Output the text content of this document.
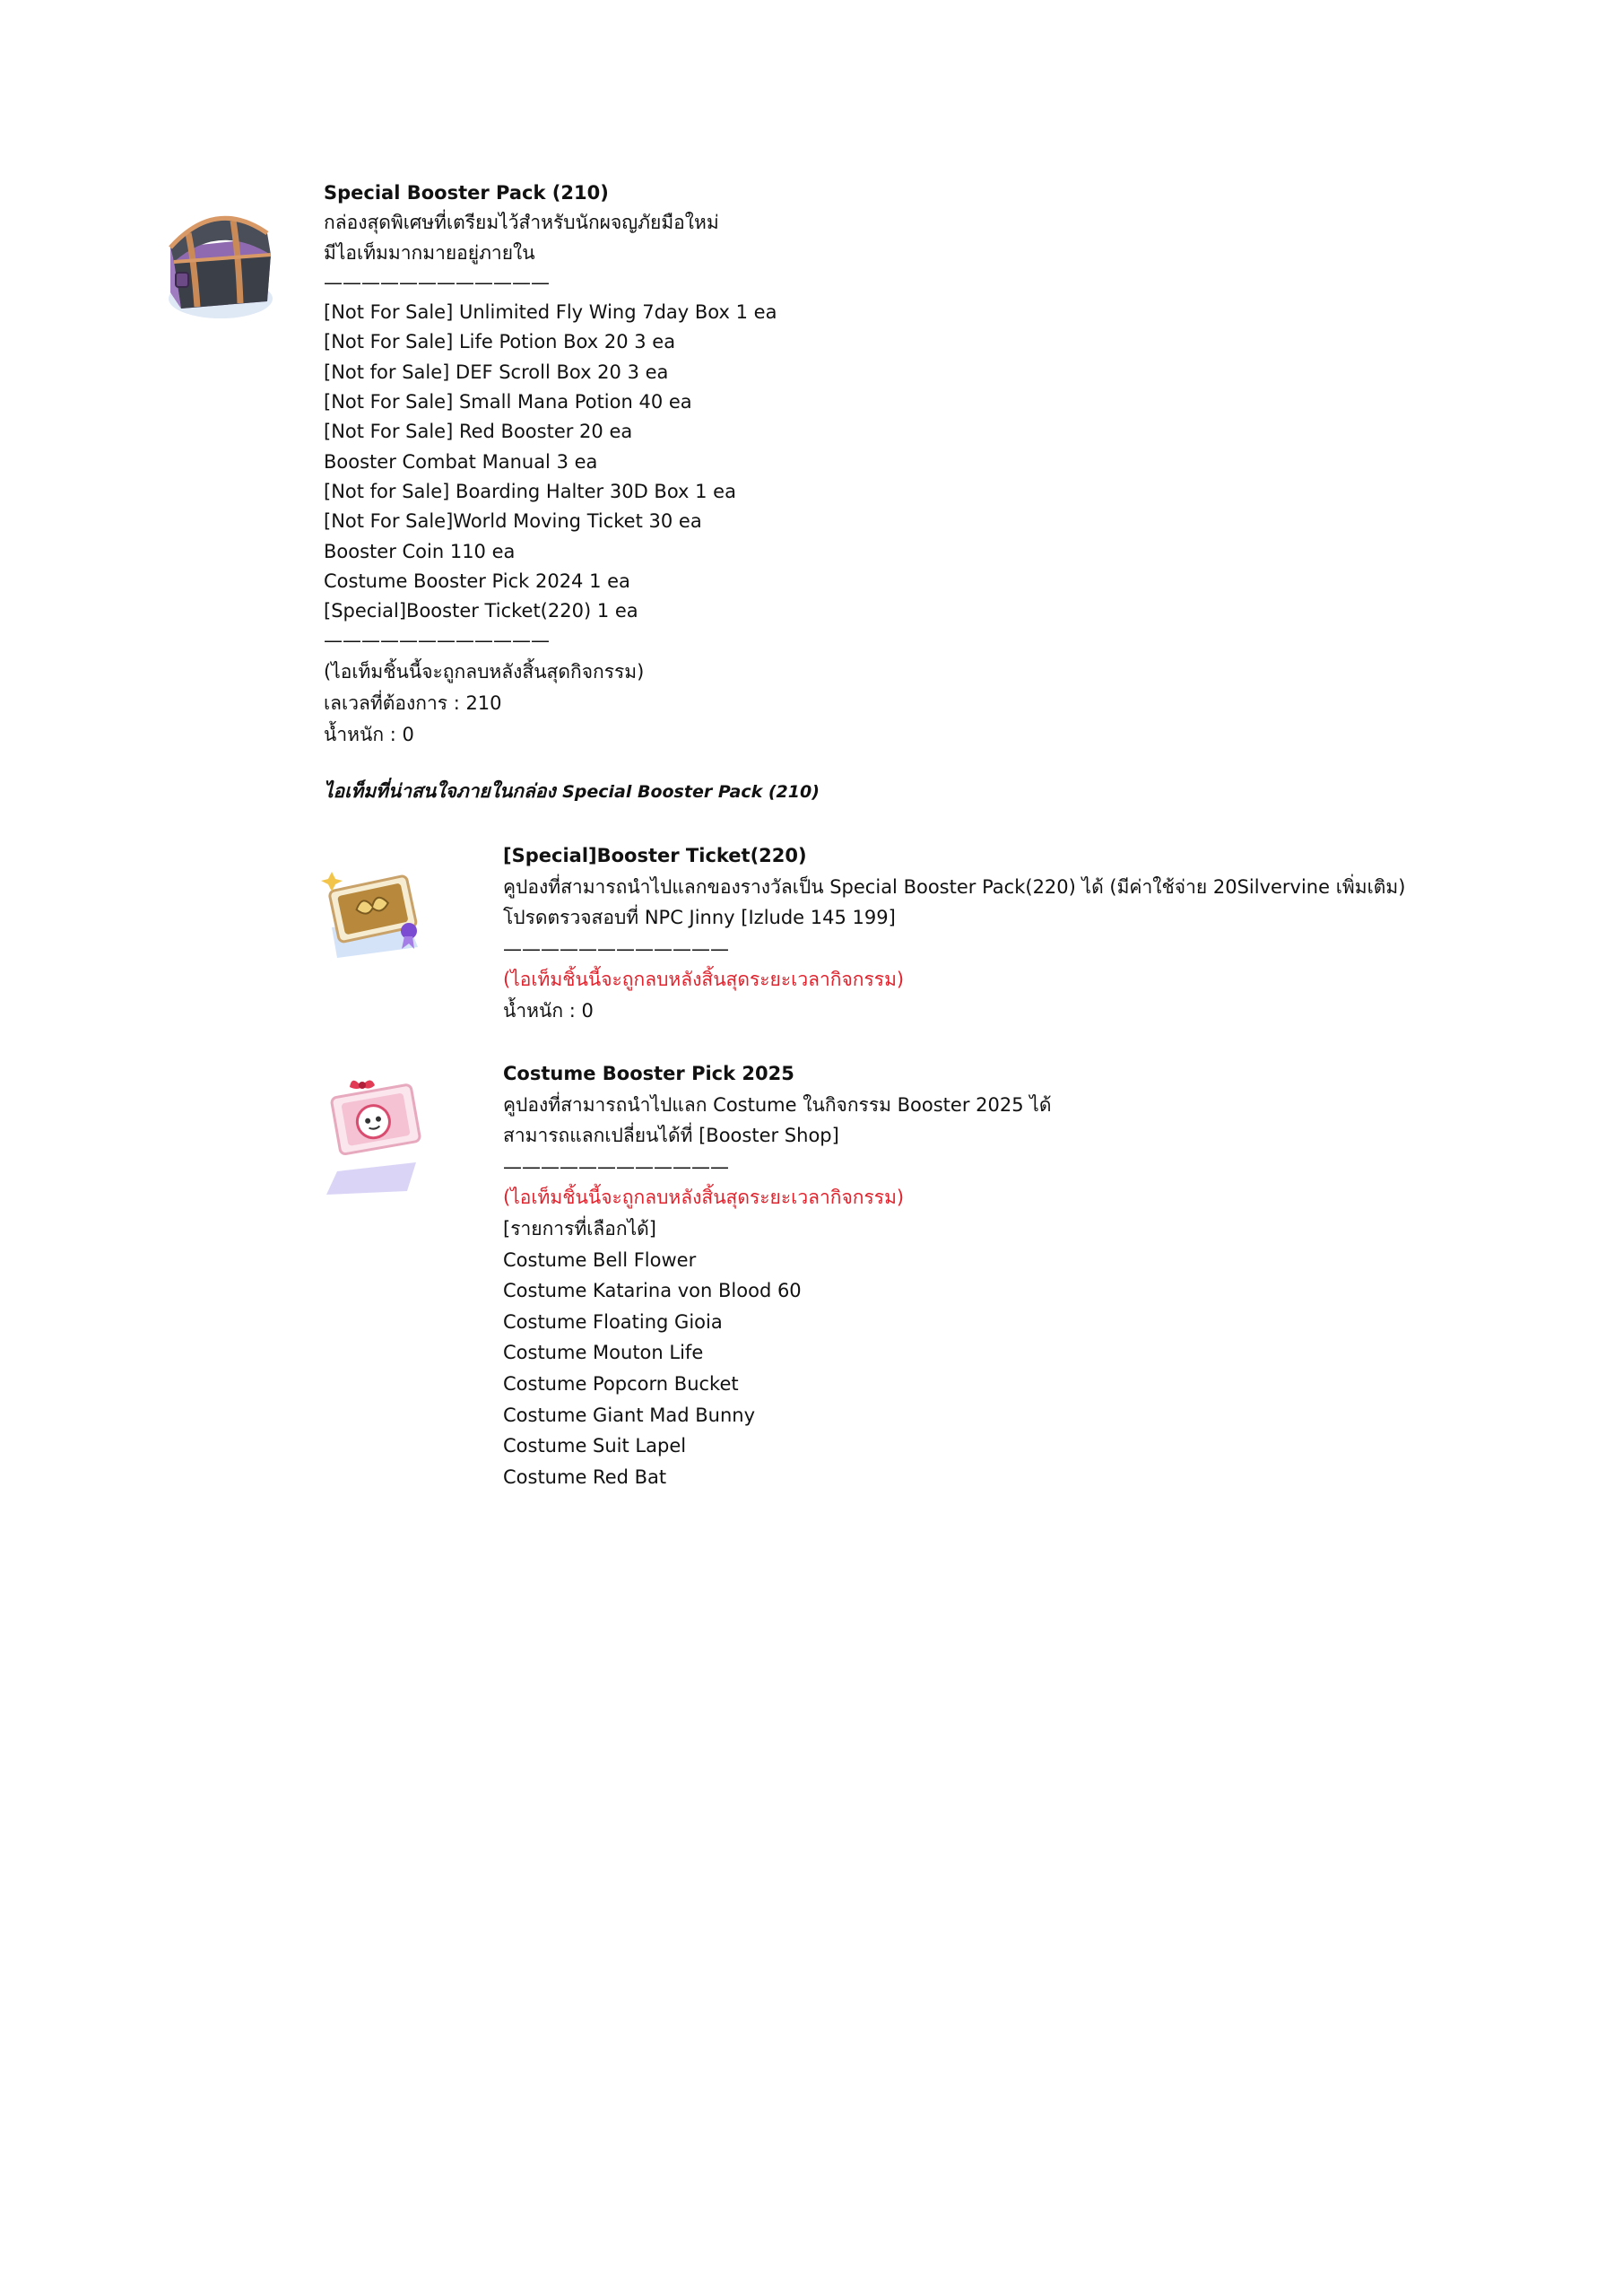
Special Booster Pack (210)
กล่องสุดพิเศษที่เตรียมไว้สำหรับนักผจญภัยมือใหม่
มีไอเท็มมากมายอยู่ภายใน
————————————
[Not For Sale] Unlimited Fly Wing 7day Box 1 ea
[Not For Sale] Life Potion Box 20 3 ea
[Not for Sale] DEF Scroll Box 20 3 ea
[Not For Sale] Small Mana Potion 40 ea
[Not For Sale] Red Booster 20 ea
Booster Combat Manual 3 ea
[Not for Sale] Boarding Halter 30D Box 1 ea
[Not For Sale]World Moving Ticket 30 ea
Booster Coin 110 ea
Costume Booster Pick 2024 1 ea
[Special]Booster Ticket(220) 1 ea
————————————
(ไอเท็มชิ้นนี้จะถูกลบหลังสิ้นสุดกิจกรรม)
เลเวลที่ต้องการ : 210
น้ำหนัก : 0
ไอเท็มที่น่าสนใจภายในกล่อง Special Booster Pack (210)
[Special]Booster Ticket(220)
คูปองที่สามารถนำไปแลกของรางวัลเป็น Special Booster Pack(220) ได้ (มีค่าใช้จ่าย 20Silvervine เพิ่มเติม)
โปรดตรวจสอบที่ NPC Jinny [Izlude 145 199]
————————————
(ไอเท็มชิ้นนี้จะถูกลบหลังสิ้นสุดระยะเวลากิจกรรม)
น้ำหนัก : 0
Costume Booster Pick 2025
คูปองที่สามารถนำไปแลก Costume ในกิจกรรม Booster 2025 ได้
สามารถแลกเปลี่ยนได้ที่ [Booster Shop]
————————————
(ไอเท็มชิ้นนี้จะถูกลบหลังสิ้นสุดระยะเวลากิจกรรม)
[รายการที่เลือกได้]
Costume Bell Flower
Costume Katarina von Blood 60
Costume Floating Gioia
Costume Mouton Life
Costume Popcorn Bucket
Costume Giant Mad Bunny
Costume Suit Lapel
Costume Red Bat
